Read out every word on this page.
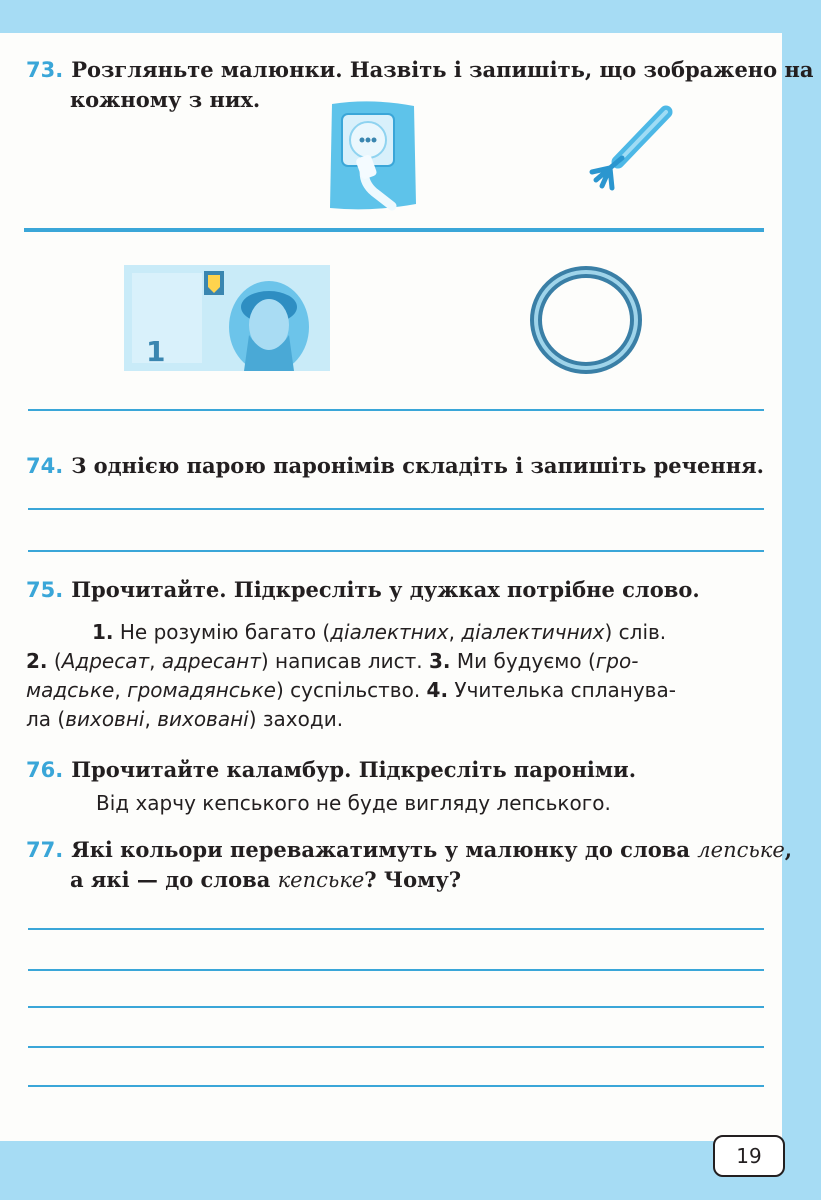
73. Розгляньте малюнки. Назвіть і запишіть, що зображено на
кожному з них.
1
74. З однією парою паронімів складіть і запишіть речення.
75. Прочитайте. Підкресліть у дужках потрібне слово.
1. Не розумію багато (діалектних, діалектичних) слів.
2. (Адресат, адресант) написав лист. 3. Ми будуємо (гро-
мадське, громадянське) суспільство. 4. Учителька спланува-
ла (виховні, виховані) заходи.
76. Прочитайте каламбур. Підкресліть пароніми.
Від харчу кепського не буде вигляду лепського.
77. Які кольори переважатимуть у малюнку до слова лепське,
а які — до слова кепське? Чому?
19
